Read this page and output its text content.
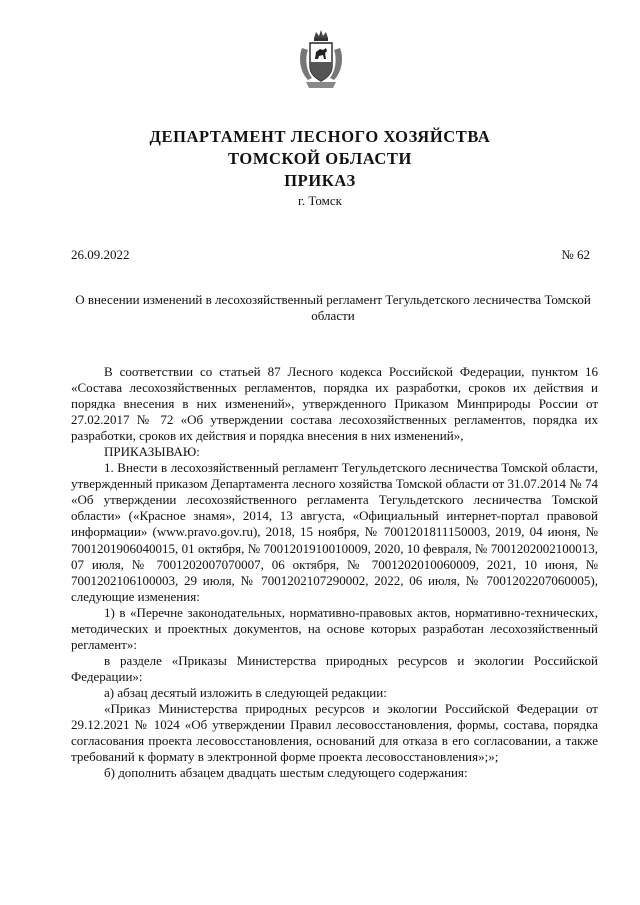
ДЕПАРТАМЕНТ ЛЕСНОГО ХОЗЯЙСТВА
ТОМСКОЙ ОБЛАСТИ
ПРИКАЗ
г. Томск
26.09.2022	№ 62
О внесении изменений в лесохозяйственный регламент Тегульдетского лесничества Томской области

В соответствии со статьей 87 Лесного кодекса Российской Федерации, пунктом 16 «Состава лесохозяйственных регламентов, порядка их разработки, сроков их действия и порядка внесения в них изменений», утвержденного Приказом Минприроды России от 27.02.2017 № 72 «Об утверждении состава лесохозяйственных регламентов, порядка их разработки, сроков их действия и порядка внесения в них изменений»,

ПРИКАЗЫВАЮ:

1. Внести в лесохозяйственный регламент Тегульдетского лесничества Томской области, утвержденный приказом Департамента лесного хозяйства Томской области от 31.07.2014 № 74 «Об утверждении лесохозяйственного регламента Тегульдетского лесничества Томской области» («Красное знамя», 2014, 13 августа, «Официальный интернет-портал правовой информации» (www.pravo.gov.ru), 2018, 15 ноября, № 7001201811150003, 2019, 04 июня, № 7001201906040015, 01 октября, № 7001201910010009, 2020, 10 февраля, № 7001202002100013, 07 июля, № 7001202007070007, 06 октября, № 7001202010060009, 2021, 10 июня, № 7001202106100003, 29 июля, № 7001202107290002, 2022, 06 июля, № 7001202207060005), следующие изменения:

1) в «Перечне законодательных, нормативно-правовых актов, нормативно-технических, методических и проектных документов, на основе которых разработан лесохозяйственный регламент»:

в разделе «Приказы Министерства природных ресурсов и экологии Российской Федерации»:

а) абзац десятый изложить в следующей редакции:

«Приказ Министерства природных ресурсов и экологии Российской Федерации от 29.12.2021 № 1024 «Об утверждении Правил лесовосстановления, формы, состава, порядка согласования проекта лесовосстановления, оснований для отказа в его согласовании, а также требований к формату в электронной форме проекта лесовосстановления»;»;

б) дополнить абзацем двадцать шестым следующего содержания:
